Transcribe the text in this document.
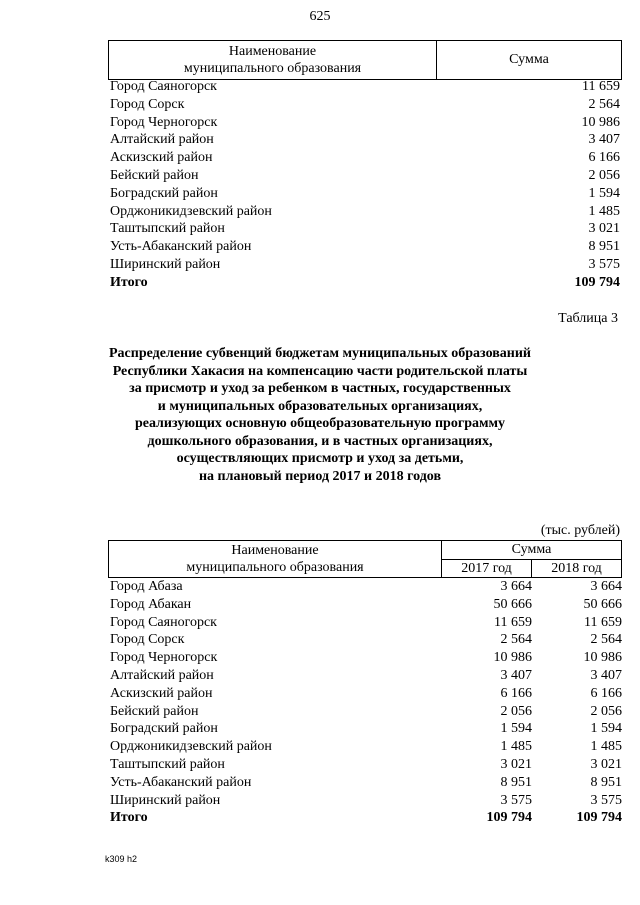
625
Наименование
муниципального образования
Сумма
Город Саяногорск	11 659
Город Сорск	2 564
Город Черногорск	10 986
Алтайский район	3 407
Аскизский район	6 166
Бейский район	2 056
Боградский район	1 594
Орджоникидзевский район	1 485
Таштыпский район	3 021
Усть-Абаканский район	8 951
Ширинский район	3 575
Итого	109 794
Таблица 3
Распределение субвенций бюджетам муниципальных образований
Республики Хакасия на компенсацию части родительской платы
за присмотр и уход за ребенком в частных, государственных
и муниципальных образовательных организациях,
реализующих основную общеобразовательную программу
дошкольного образования, и в частных организациях,
осуществляющих присмотр и уход за детьми,
на плановый период 2017 и 2018 годов
(тыс. рублей)
Наименование
муниципального образования
Сумма
2017 год	2018 год
Город Абаза	3 664	3 664
Город Абакан	50 666	50 666
Город Саяногорск	11 659	11 659
Город Сорск	2 564	2 564
Город Черногорск	10 986	10 986
Алтайский район	3 407	3 407
Аскизский район	6 166	6 166
Бейский район	2 056	2 056
Боградский район	1 594	1 594
Орджоникидзевский район	1 485	1 485
Таштыпский район	3 021	3 021
Усть-Абаканский район	8 951	8 951
Ширинский район	3 575	3 575
Итого	109 794	109 794
k309 h2
